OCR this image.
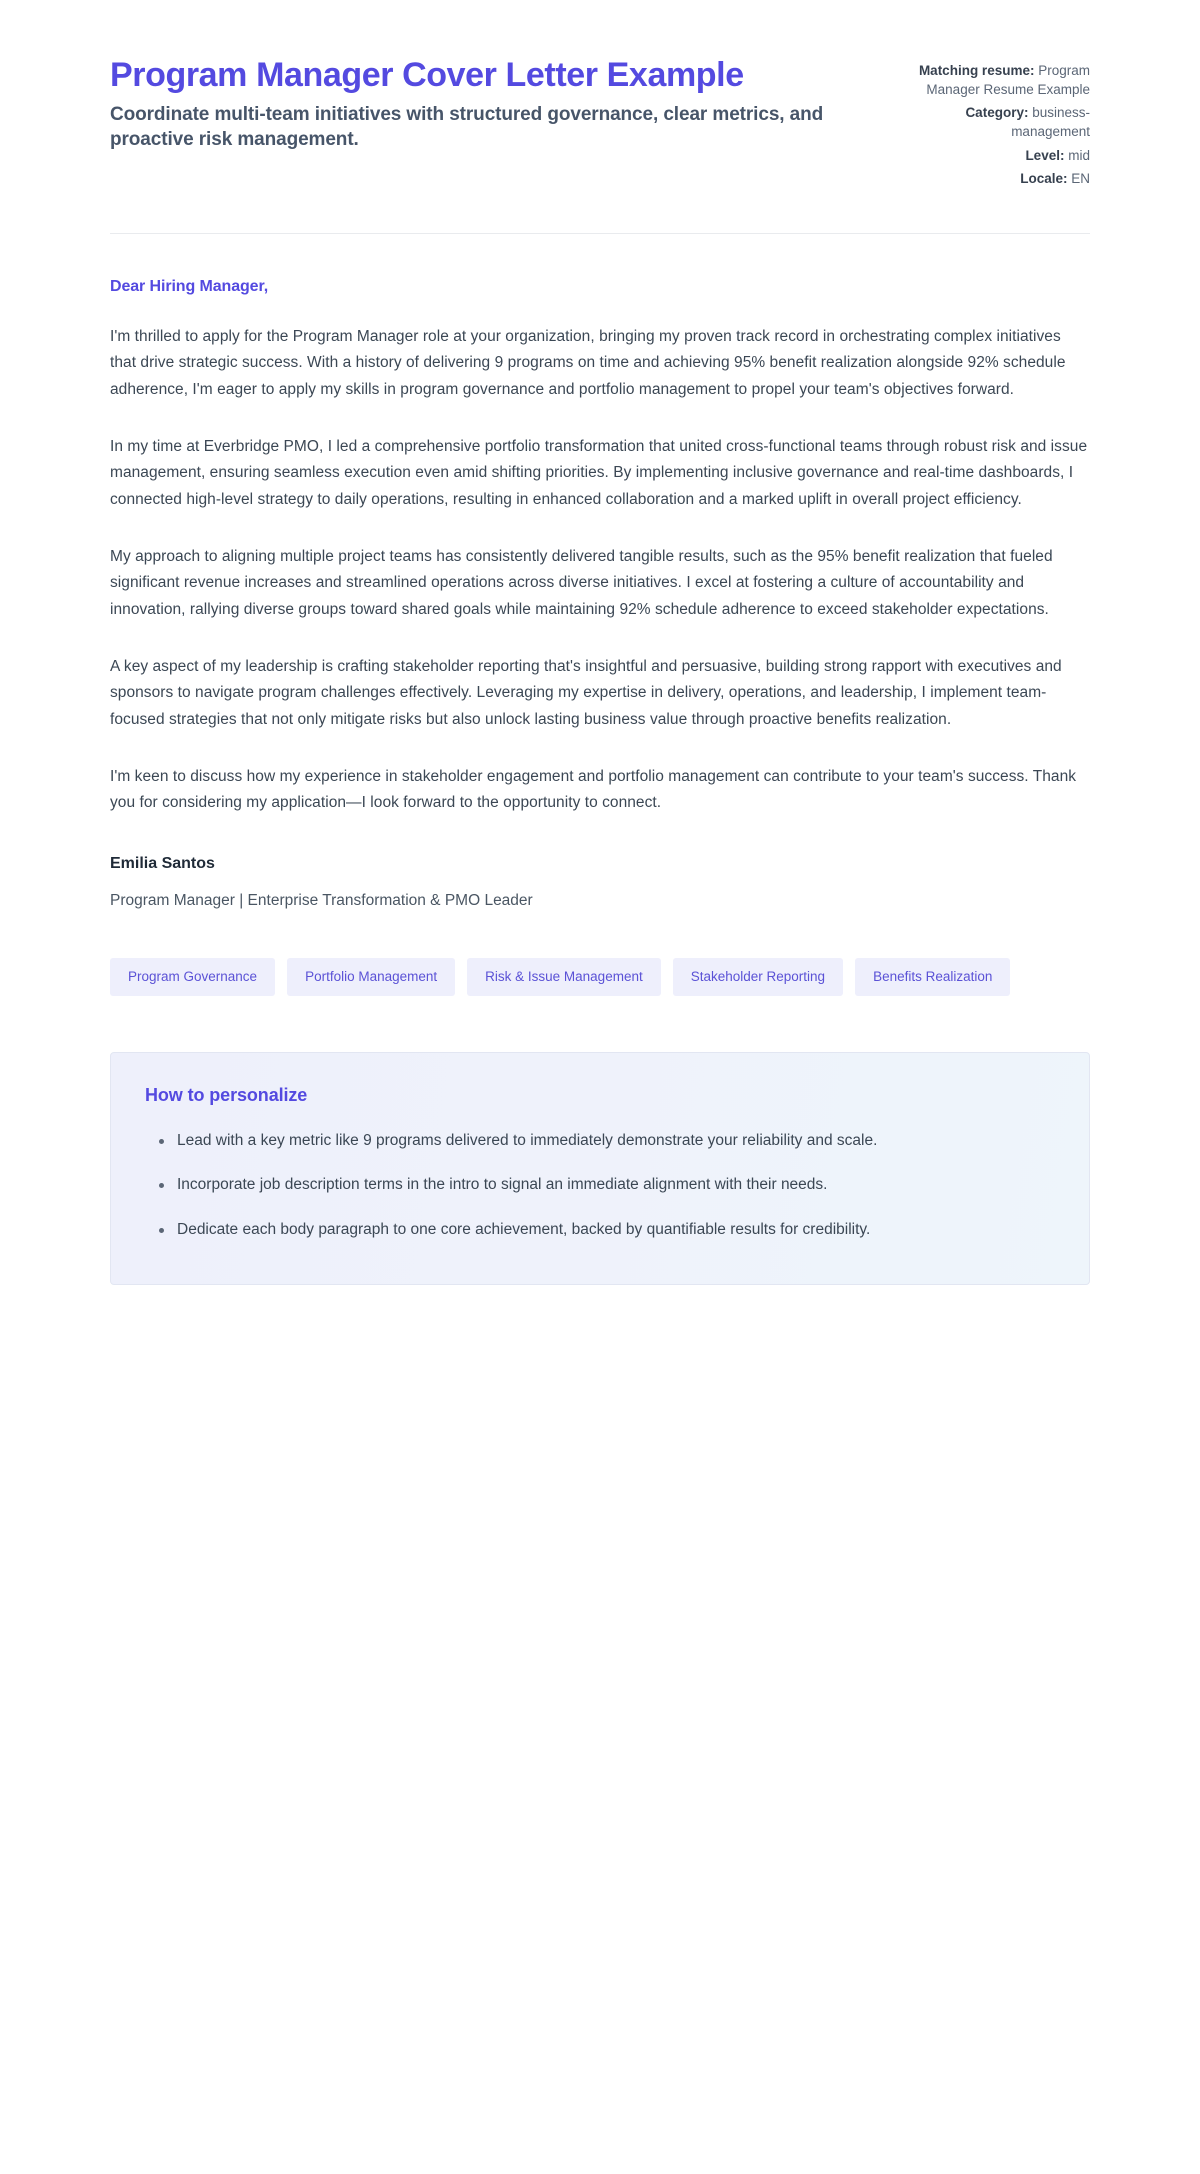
Program Manager Cover Letter Example

Coordinate multi-team initiatives with structured governance, clear metrics, and proactive risk management.

Matching resume: Program Manager Resume Example
Category: business-management
Level: mid
Locale: EN

Dear Hiring Manager,

I'm thrilled to apply for the Program Manager role at your organization, bringing my proven track record in orchestrating complex initiatives that drive strategic success. With a history of delivering 9 programs on time and achieving 95% benefit realization alongside 92% schedule adherence, I'm eager to apply my skills in program governance and portfolio management to propel your team's objectives forward.

In my time at Everbridge PMO, I led a comprehensive portfolio transformation that united cross-functional teams through robust risk and issue management, ensuring seamless execution even amid shifting priorities. By implementing inclusive governance and real-time dashboards, I connected high-level strategy to daily operations, resulting in enhanced collaboration and a marked uplift in overall project efficiency.

My approach to aligning multiple project teams has consistently delivered tangible results, such as the 95% benefit realization that fueled significant revenue increases and streamlined operations across diverse initiatives. I excel at fostering a culture of accountability and innovation, rallying diverse groups toward shared goals while maintaining 92% schedule adherence to exceed stakeholder expectations.

A key aspect of my leadership is crafting stakeholder reporting that's insightful and persuasive, building strong rapport with executives and sponsors to navigate program challenges effectively. Leveraging my expertise in delivery, operations, and leadership, I implement team-focused strategies that not only mitigate risks but also unlock lasting business value through proactive benefits realization.

I'm keen to discuss how my experience in stakeholder engagement and portfolio management can contribute to your team's success. Thank you for considering my application—I look forward to the opportunity to connect.

Emilia Santos

Program Manager | Enterprise Transformation & PMO Leader

Program Governance	Portfolio Management	Risk & Issue Management	Stakeholder Reporting	Benefits Realization
How to personalize
Lead with a key metric like 9 programs delivered to immediately demonstrate your reliability and scale.
Incorporate job description terms in the intro to signal an immediate alignment with their needs.
Dedicate each body paragraph to one core achievement, backed by quantifiable results for credibility.
